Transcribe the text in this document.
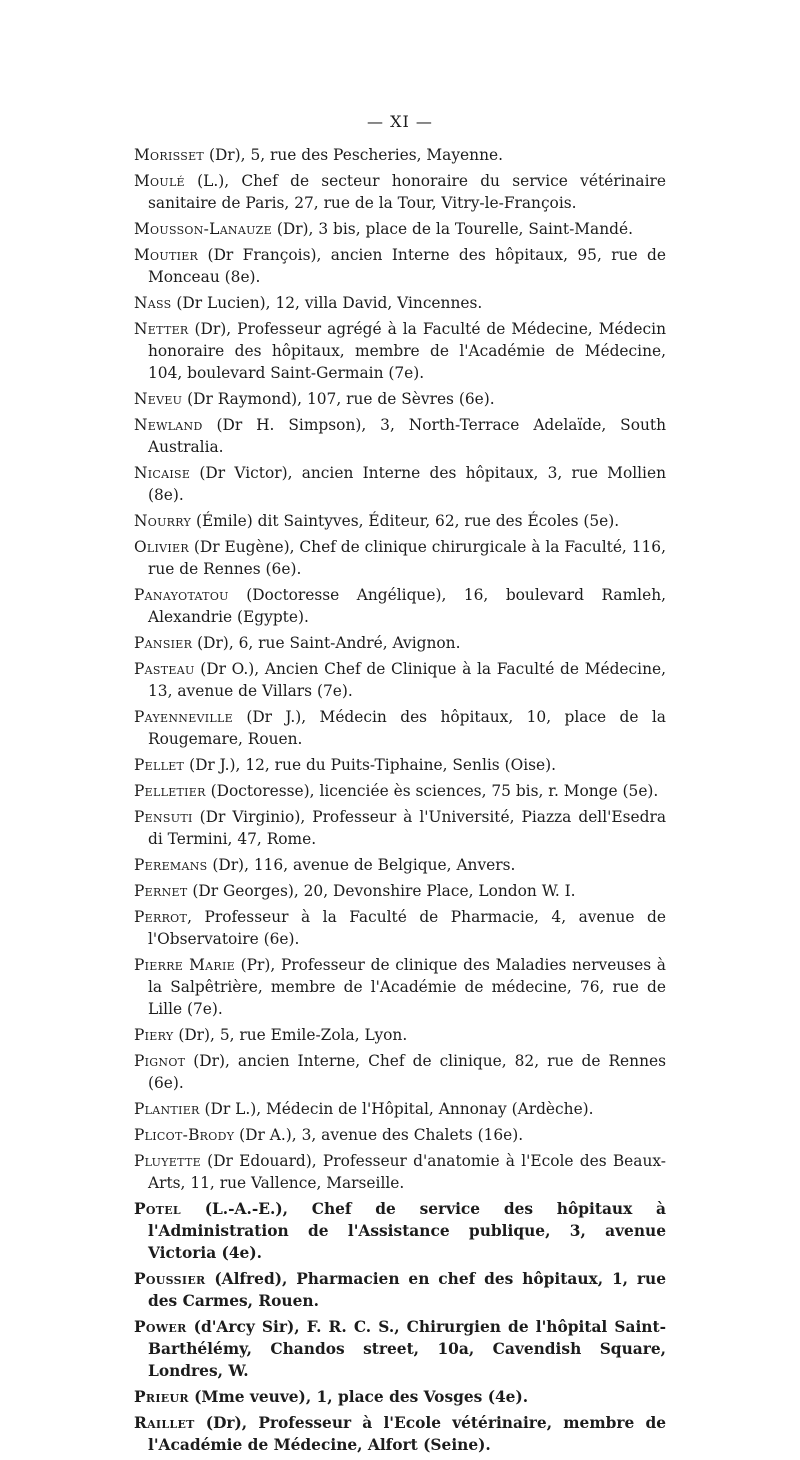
— XI —

Morisset (Dr), 5, rue des Pescheries, Mayenne.

Moulé (L.), Chef de secteur honoraire du service vétérinaire sanitaire de Paris, 27, rue de la Tour, Vitry-le-François.

Mousson-Lanauze (Dr), 3 bis, place de la Tourelle, Saint-Mandé.

Moutier (Dr François), ancien Interne des hôpitaux, 95, rue de Monceau (8e).

Nass (Dr Lucien), 12, villa David, Vincennes.

Netter (Dr), Professeur agrégé à la Faculté de Médecine, Médecin honoraire des hôpitaux, membre de l'Académie de Médecine, 104, boulevard Saint-Germain (7e).

Neveu (Dr Raymond), 107, rue de Sèvres (6e).

Newland (Dr H. Simpson), 3, North-Terrace Adelaïde, South Australia.

Nicaise (Dr Victor), ancien Interne des hôpitaux, 3, rue Mollien (8e).

Nourry (Émile) dit Saintyves, Éditeur, 62, rue des Écoles (5e).

Olivier (Dr Eugène), Chef de clinique chirurgicale à la Faculté, 116, rue de Rennes (6e).

Panayotatou (Doctoresse Angélique), 16, boulevard Ramleh, Alexandrie (Egypte).

Pansier (Dr), 6, rue Saint-André, Avignon.

Pasteau (Dr O.), Ancien Chef de Clinique à la Faculté de Médecine, 13, avenue de Villars (7e).

Payenneville (Dr J.), Médecin des hôpitaux, 10, place de la Rougemare, Rouen.

Pellet (Dr J.), 12, rue du Puits-Tiphaine, Senlis (Oise).

Pelletier (Doctoresse), licenciée ès sciences, 75 bis, r. Monge (5e).

Pensuti (Dr Virginio), Professeur à l'Université, Piazza dell'Esedra di Termini, 47, Rome.

Peremans (Dr), 116, avenue de Belgique, Anvers.

Pernet (Dr Georges), 20, Devonshire Place, London W. I.

Perrot, Professeur à la Faculté de Pharmacie, 4, avenue de l'Observatoire (6e).

Pierre Marie (Pr), Professeur de clinique des Maladies nerveuses à la Salpêtrière, membre de l'Académie de médecine, 76, rue de Lille (7e).

Piery (Dr), 5, rue Emile-Zola, Lyon.

Pignot (Dr), ancien Interne, Chef de clinique, 82, rue de Rennes (6e).

Plantier (Dr L.), Médecin de l'Hôpital, Annonay (Ardèche).

Plicot-Brody (Dr A.), 3, avenue des Chalets (16e).

Pluyette (Dr Edouard), Professeur d'anatomie à l'Ecole des Beaux-Arts, 11, rue Vallence, Marseille.

Potel (L.-A.-E.), Chef de service des hôpitaux à l'Administration de l'Assistance publique, 3, avenue Victoria (4e).

Poussier (Alfred), Pharmacien en chef des hôpitaux, 1, rue des Carmes, Rouen.

Power (d'Arcy Sir), F. R. C. S., Chirurgien de l'hôpital Saint-Barthélémy, Chandos street, 10a, Cavendish Square, Londres, W.

Prieur (Mme veuve), 1, place des Vosges (4e).

Raillet (Dr), Professeur à l'Ecole vétérinaire, membre de l'Académie de Médecine, Alfort (Seine).
